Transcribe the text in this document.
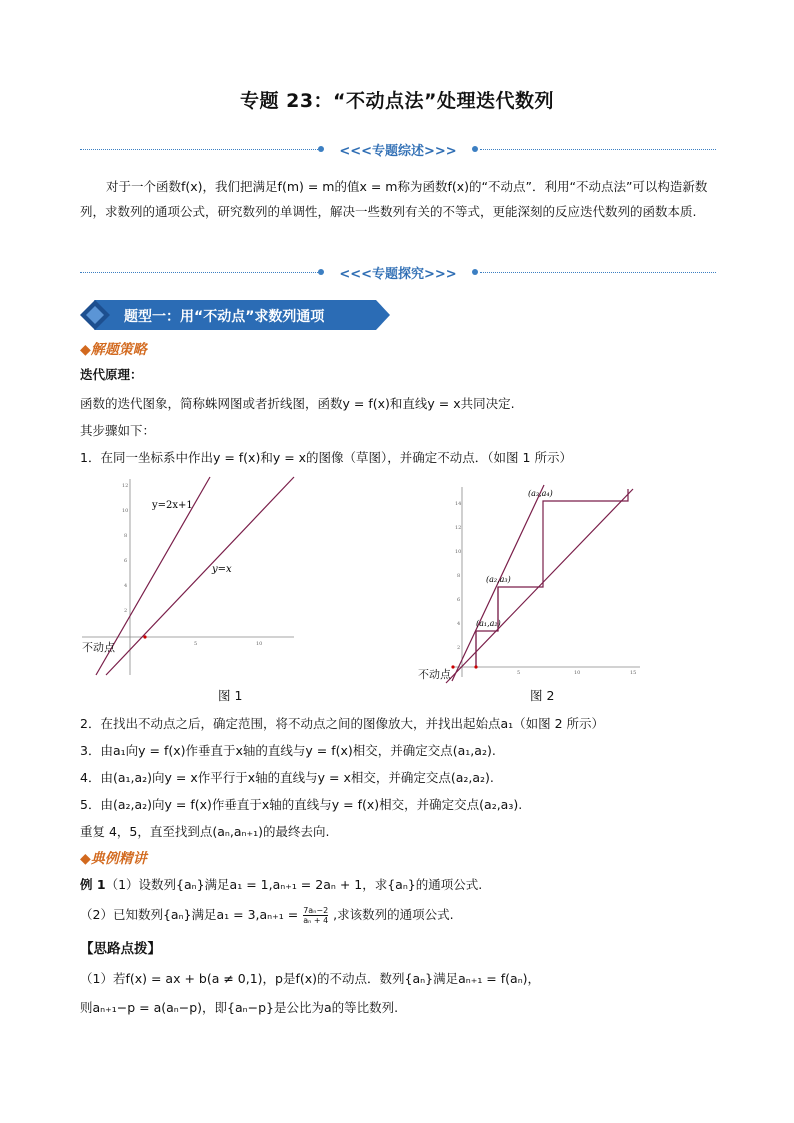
专题 23：“不动点法”处理迭代数列
<<<专题综述>>>
对于一个函数f(x)，我们把满足f(m) = m的值x = m称为函数f(x)的“不动点”．利用“不动点法”可以构造新数列，求数列的通项公式，研究数列的单调性，解决一些数列有关的不等式，更能深刻的反应迭代数列的函数本质.
<<<专题探究>>>
题型一：用“不动点”求数列通项
◆解题策略
迭代原理：
函数的迭代图象，简称蛛网图或者折线图，函数y = f(x)和直线y = x共同决定.
其步骤如下：
1．在同一坐标系中作出y = f(x)和y = x的图像（草图），并确定不动点．（如图 1 所示）
12
10
8
6
4
2
5	10
y=2x+1
y=x
不动点
图 1
14
12
10
8
6
4
2
5	10	15
(a₃,a₄)
(a₂,a₃)
(a₁,a₂)
不动点
图 2
2．在找出不动点之后，确定范围，将不动点之间的图像放大，并找出起始点a₁（如图 2 所示）
3．由a₁向y = f(x)作垂直于x轴的直线与y = f(x)相交，并确定交点(a₁,a₂).
4．由(a₁,a₂)向y = x作平行于x轴的直线与y = x相交，并确定交点(a₂,a₂).
5．由(a₂,a₂)向y = f(x)作垂直于x轴的直线与y = f(x)相交，并确定交点(a₂,a₃).
重复 4，5，直至找到点(aₙ,aₙ₊₁)的最终去向.
◆典例精讲
例 1（1）设数列{aₙ}满足a₁ = 1,aₙ₊₁ = 2aₙ + 1，求{aₙ}的通项公式.
（2）已知数列{aₙ}满足$a_1 = 3,a_{n+1} = \frac{\text{7aₙ−2}}{\text{aₙ + 4}}$ ,求该数列的通项公式.
【思路点拨】
（1）若f(x) = ax + b(a ≠ 0,1)，p是f(x)的不动点．数列{aₙ}满足aₙ₊₁ = f(aₙ)，
则aₙ₊₁−p = a(aₙ−p)，即{aₙ−p}是公比为a的等比数列.
